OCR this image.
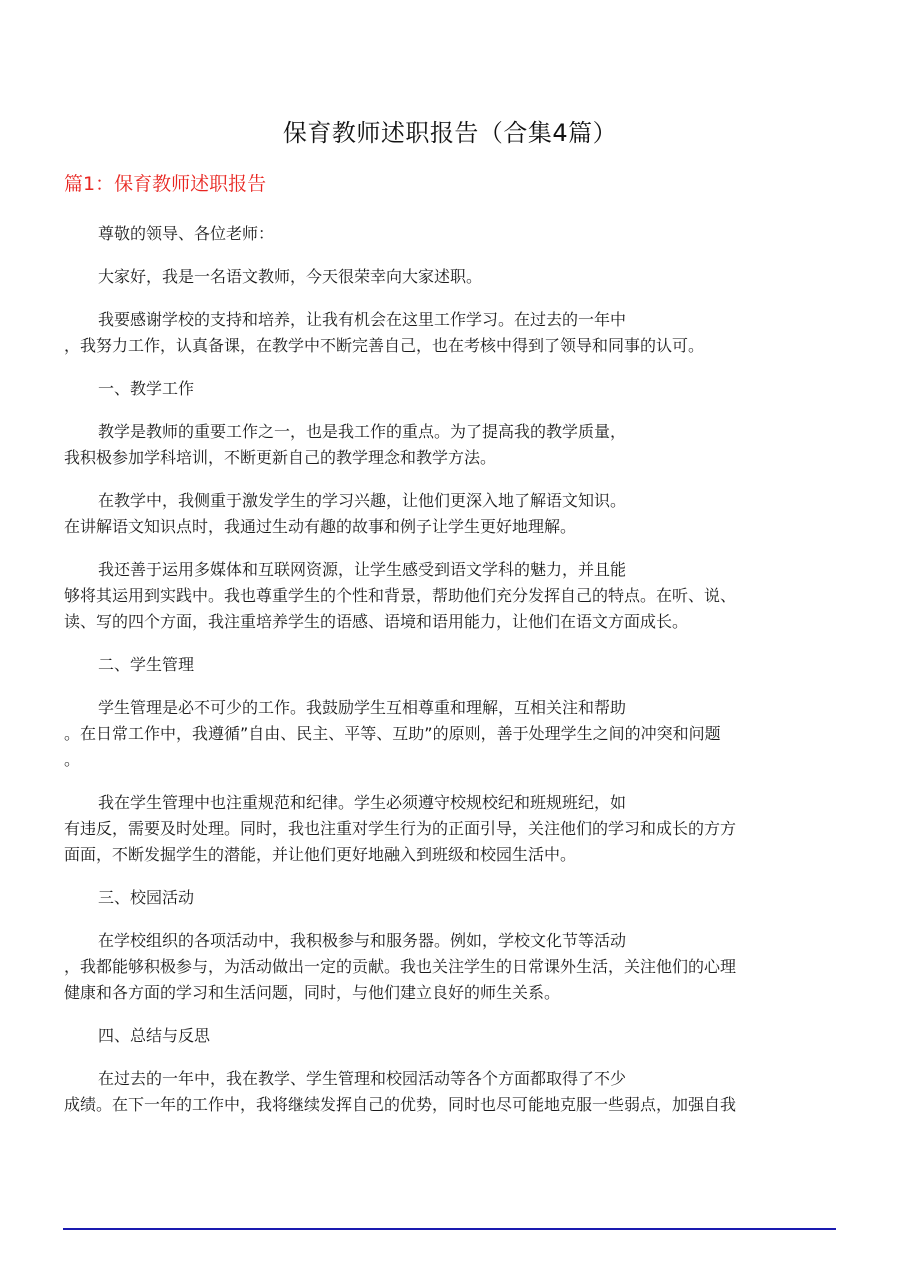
保育教师述职报告（合集4篇）
篇1：保育教师述职报告
尊敬的领导、各位老师：
大家好，我是一名语文教师，今天很荣幸向大家述职。
我要感谢学校的支持和培养，让我有机会在这里工作学习。在过去的一年中
，我努力工作，认真备课，在教学中不断完善自己，也在考核中得到了领导和同事的认可。
一、教学工作
教学是教师的重要工作之一，也是我工作的重点。为了提高我的教学质量，
我积极参加学科培训，不断更新自己的教学理念和教学方法。
在教学中，我侧重于激发学生的学习兴趣，让他们更深入地了解语文知识。
在讲解语文知识点时，我通过生动有趣的故事和例子让学生更好地理解。
我还善于运用多媒体和互联网资源，让学生感受到语文学科的魅力，并且能
够将其运用到实践中。我也尊重学生的个性和背景，帮助他们充分发挥自己的特点。在听、说、
读、写的四个方面，我注重培养学生的语感、语境和语用能力，让他们在语文方面成长。
二、学生管理
学生管理是必不可少的工作。我鼓励学生互相尊重和理解，互相关注和帮助
。在日常工作中，我遵循”自由、民主、平等、互助”的原则，善于处理学生之间的冲突和问题
。
我在学生管理中也注重规范和纪律。学生必须遵守校规校纪和班规班纪，如
有违反，需要及时处理。同时，我也注重对学生行为的正面引导，关注他们的学习和成长的方方
面面，不断发掘学生的潜能，并让他们更好地融入到班级和校园生活中。
三、校园活动
在学校组织的各项活动中，我积极参与和服务器。例如，学校文化节等活动
，我都能够积极参与，为活动做出一定的贡献。我也关注学生的日常课外生活，关注他们的心理
健康和各方面的学习和生活问题，同时，与他们建立良好的师生关系。
四、总结与反思
在过去的一年中，我在教学、学生管理和校园活动等各个方面都取得了不少
成绩。在下一年的工作中，我将继续发挥自己的优势，同时也尽可能地克服一些弱点，加强自我
